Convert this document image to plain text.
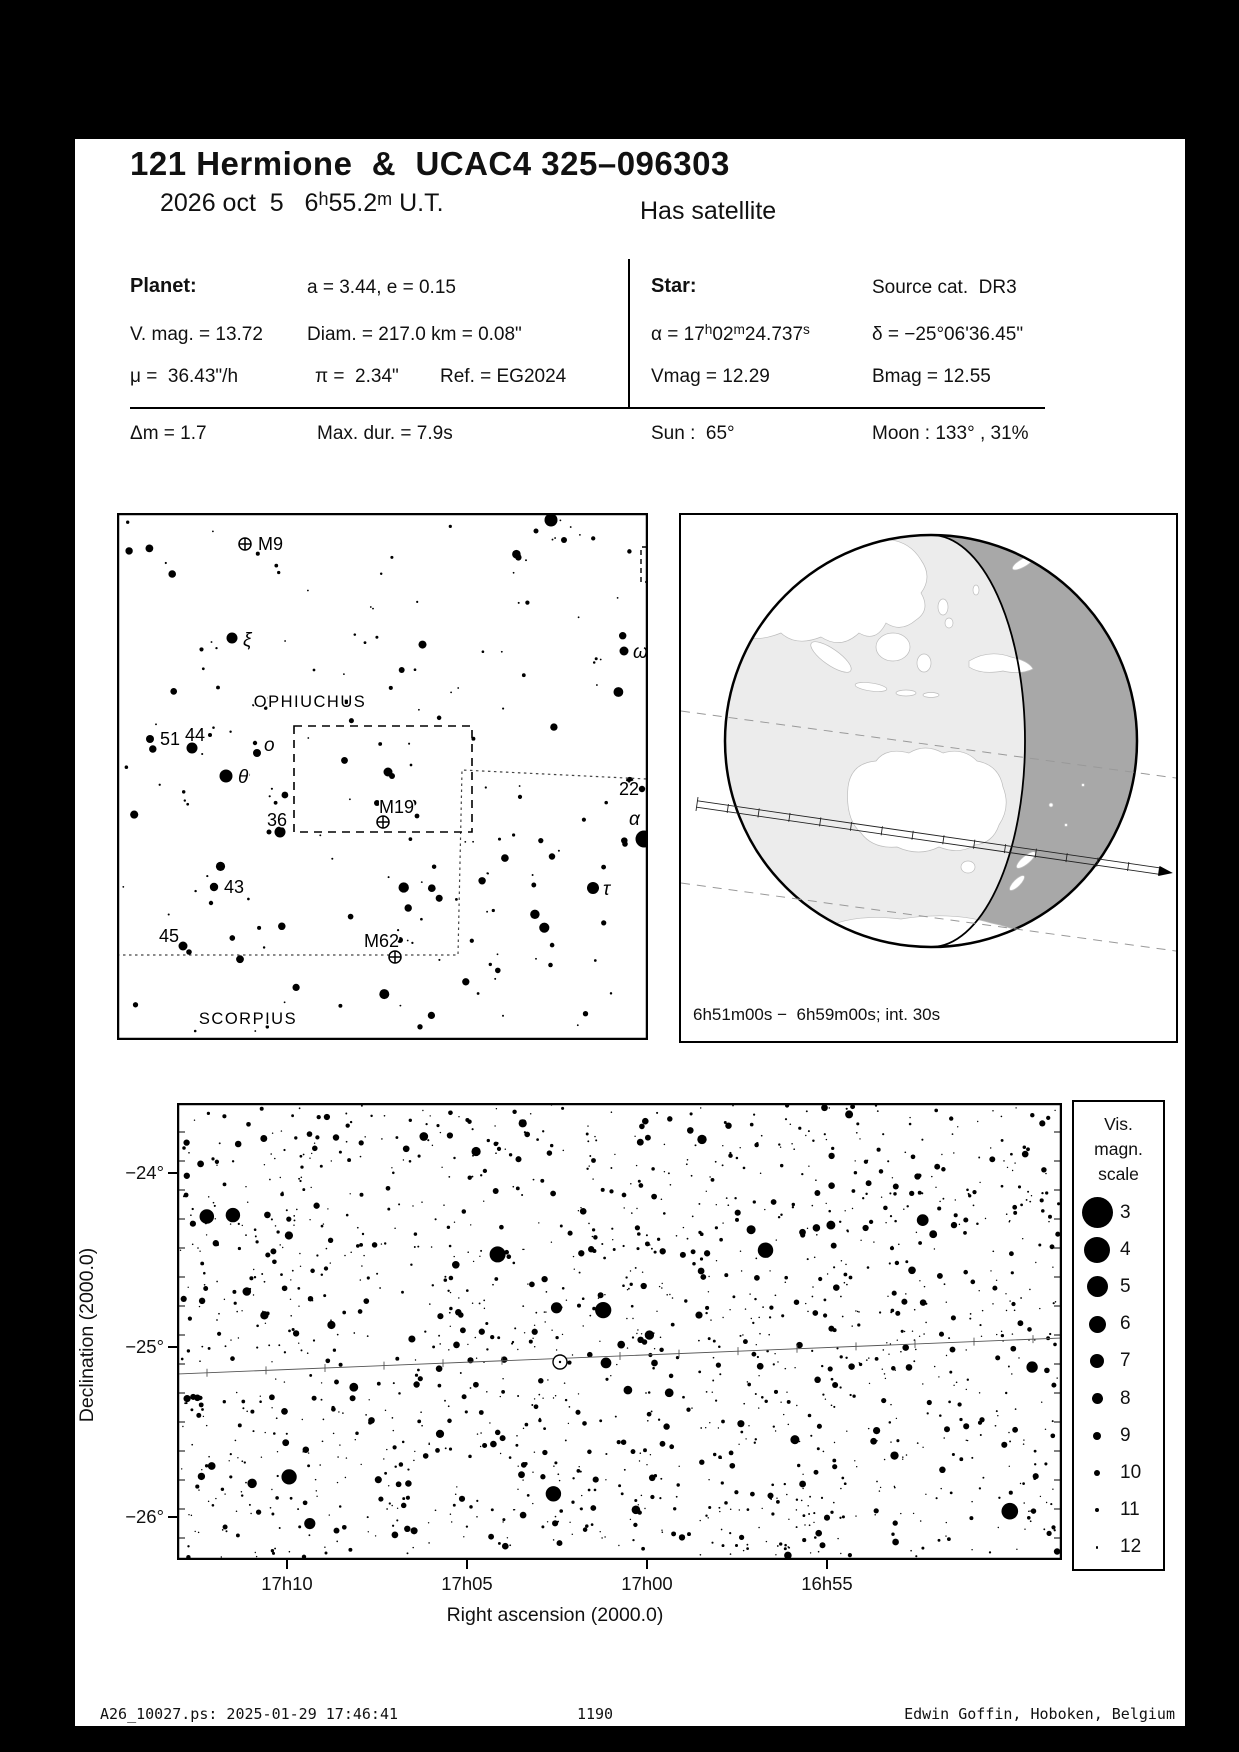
121 Hermione  &  UCAC4 325–096303
2026 oct  5   6$^h$55.2$^m$ U.T.	Has satellite
Planet:	a = 3.44, e = 0.15	Star:	Source cat.  DR3
V. mag. = 13.72 Diam. = 217.0 km = 0.08"	$\alpha = 17^h02^m24.737^s$	δ = −25°06'36.45"
μ =  36.43"/h	π =  2.34" Ref. = EG2024	Vmag = 12.29	Bmag = 12.55
Δm = 1.7	Max. dur. = 7.9s	Sun :  65°	Moon : 133° , 31%
M9
ξ
ω
OPHIUCHUS
51 44	o
θ
36
M19
22
α
τ
43
45	M62
SCORPIUS	6h51m00s −  6h59m00s; int. 30s
−24°
−25°
−26°
17h10	17h05	17h00	16h55
Right ascension (2000.0)
Declination (2000.0)
Vis.
magn.
scale
3
4
5
6
7
8
9
10
11
12
A26_10027.ps: 2025-01-29 17:46:41	1190	Edwin Goffin, Hoboken, Belgium
